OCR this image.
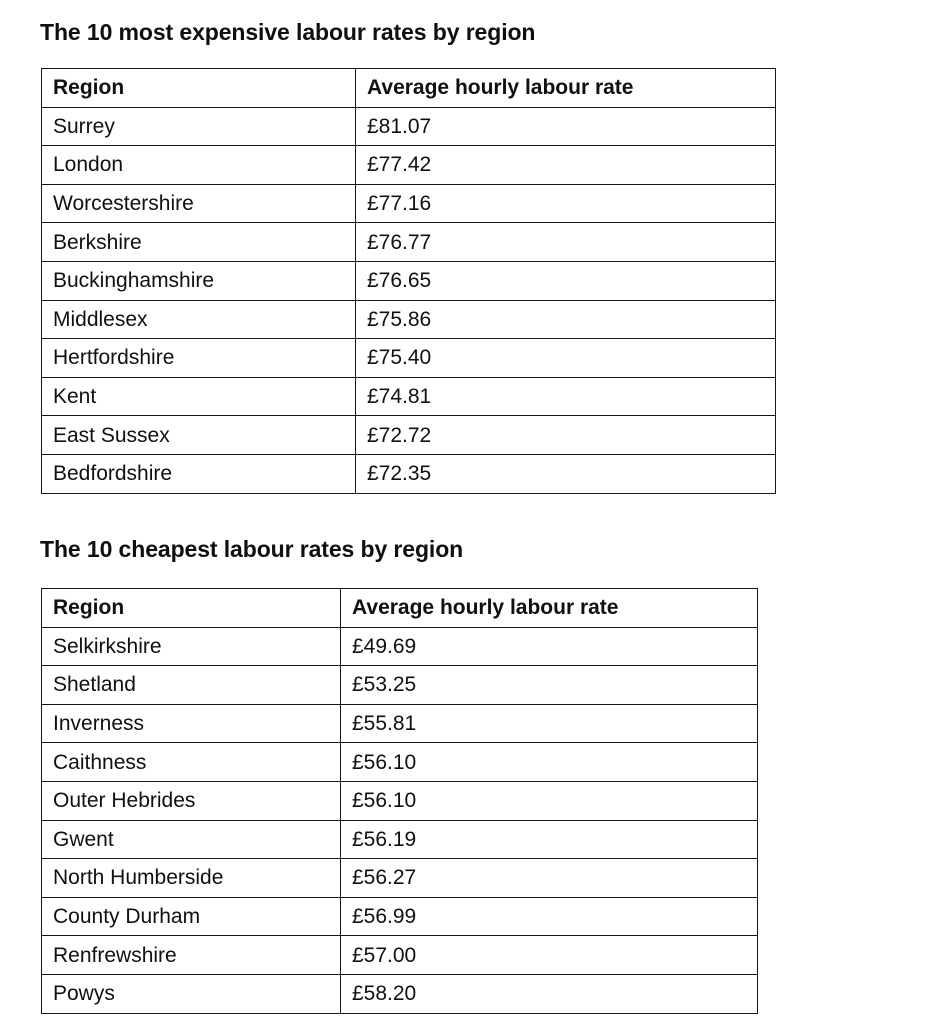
The 10 most expensive labour rates by region
Region	Average hourly labour rate
Surrey	£81.07
London	£77.42
Worcestershire	£77.16
Berkshire	£76.77
Buckinghamshire	£76.65
Middlesex	£75.86
Hertfordshire	£75.40
Kent	£74.81
East Sussex	£72.72
Bedfordshire	£72.35
The 10 cheapest labour rates by region
Region	Average hourly labour rate
Selkirkshire	£49.69
Shetland	£53.25
Inverness	£55.81
Caithness	£56.10
Outer Hebrides	£56.10
Gwent	£56.19
North Humberside	£56.27
County Durham	£56.99
Renfrewshire	£57.00
Powys	£58.20
